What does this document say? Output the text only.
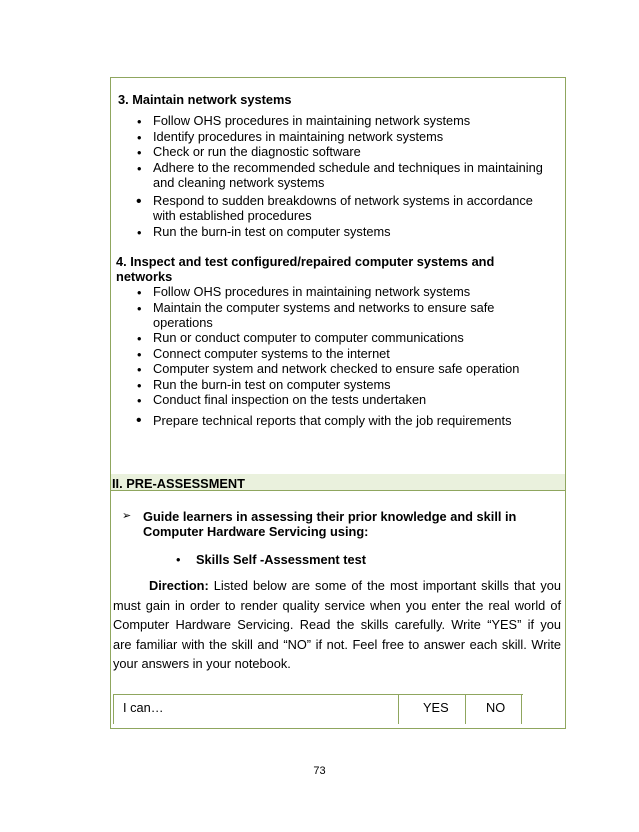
3. Maintain network systems
•
Follow OHS procedures in maintaining network systems
•
Identify procedures in maintaining network systems
•
Check or run the diagnostic software
•
Adhere to the recommended schedule and techniques in maintaining
and cleaning network systems
•
Respond to sudden breakdowns of network systems in accordance
with established procedures
•
Run the burn-in test on computer systems
4. Inspect and test configured/repaired computer systems and
networks
•
Follow OHS procedures in maintaining network systems
•
Maintain the computer systems and networks to ensure safe
operations
•
Run or conduct computer to computer communications
•
Connect computer systems to the internet
•
Computer system and network checked to ensure safe operation
•
Run the burn-in test on computer systems
•
Conduct final inspection on the tests undertaken
•
Prepare technical reports that comply with the job requirements
II. PRE-ASSESSMENT
➢ Guide learners in assessing their prior knowledge and skill in
Computer Hardware Servicing using:
•
Skills Self -Assessment test
Direction: Listed below are some of the most important skills that you
must gain in order to render quality service when you enter the real world of
Computer Hardware Servicing. Read the skills carefully. Write “YES” if you
are familiar with the skill and “NO” if not. Feel free to answer each skill. Write
your answers in your notebook.
I can…	YES	NO
73
